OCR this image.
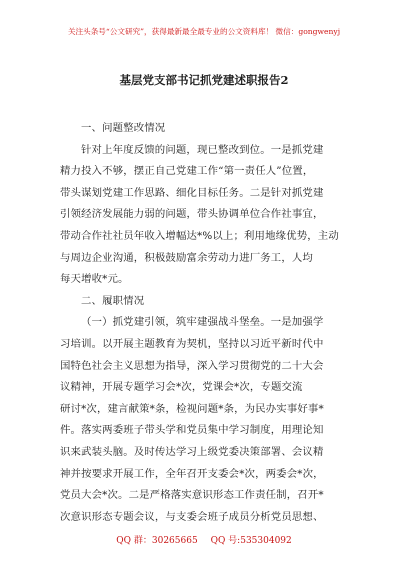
关注头条号“公文研究”，获得最新最全最专业的公文资料库！ 微信：gongwenyj
基层党支部书记抓党建述职报告2
一、问题整改情况
针对上年度反馈的问题，现已整改到位。一是抓党建
精力投入不够，摆正自己党建工作“第一责任人”位置，
带头谋划党建工作思路、细化目标任务。二是针对抓党建
引领经济发展能力弱的问题，带头协调单位合作社事宜，
带动合作社社员年收入增幅达*%以上；利用地缘优势，主动
与周边企业沟通，积极鼓励富余劳动力进厂务工，人均
每天增收*元。
二、履职情况
（一）抓党建引领，筑牢建强战斗堡垒。一是加强学
习培训。以开展主题教育为契机，坚持以习近平新时代中
国特色社会主义思想为指导，深入学习贯彻党的二十大会
议精神，开展专题学习会*次，党课会*次，专题交流
研讨*次，建言献策*条，检视问题*条，为民办实事好事*
件。落实两委班子带头学和党员集中学习制度，用理论知
识来武装头脑。及时传达学习上级党委决策部署、会议精
神并按要求开展工作，全年召开支委会*次，两委会*次，
党员大会*次。二是严格落实意识形态工作责任制，召开*
次意识形态专题会议，与支委会班子成员分析党员思想、
QQ 群：30265665 QQ 号:535304092
